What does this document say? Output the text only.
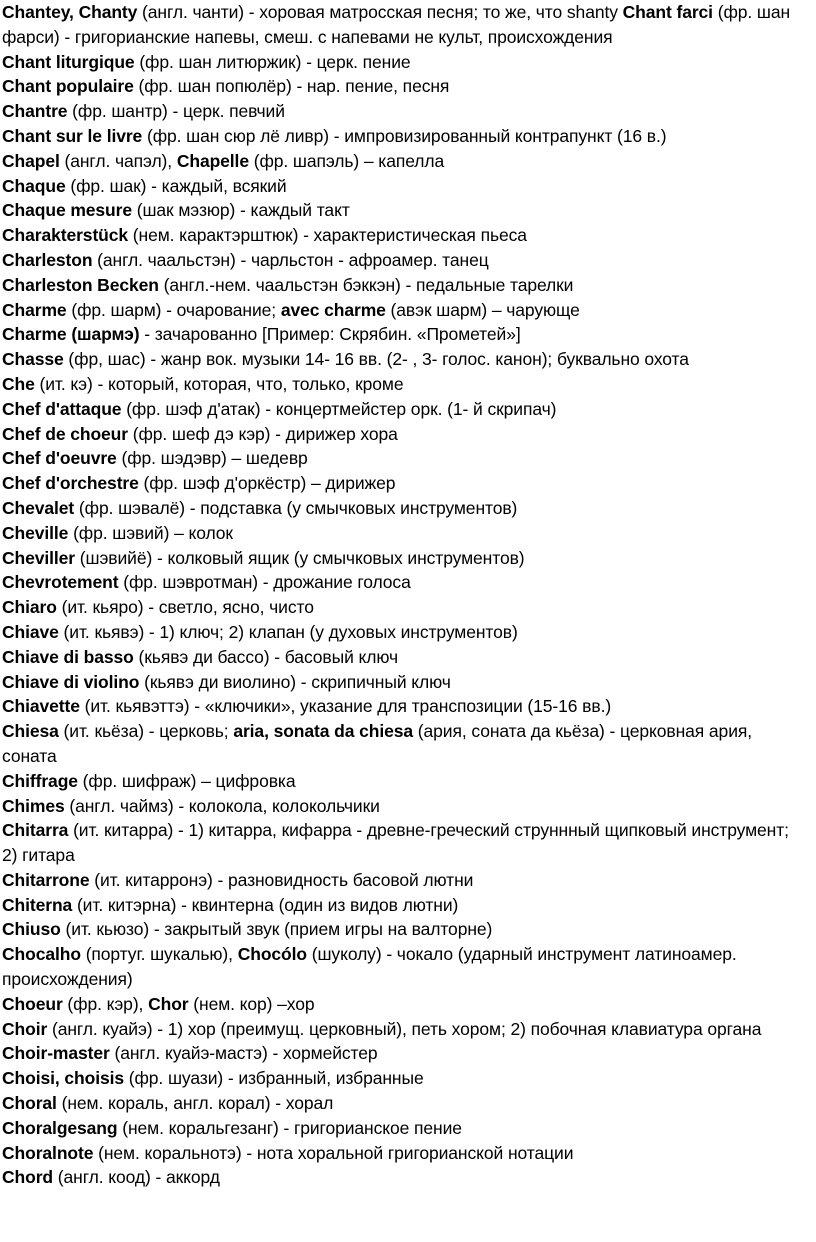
Chantey, Chanty (англ. чанти) - хоровая матросская песня; то же, что shanty Chant farci (фр. шан фарси) - григорианские напевы, смеш. с напевами не культ, происхождения

Chant liturgique (фр. шан литюржик) - церк. пение

Chant populaire (фр. шан попюлёр) - нар. пение, песня

Chantre (фр. шантр) - церк. певчий

Chant sur le livre (фр. шан сюр лё ливр) - импровизированный контрапункт (16 в.)

Chapel (англ. чапэл), Chapelle (фр. шапэль) – капелла

Chaque (фр. шак) - каждый, всякий

Chaque mesure (шак мэзюр) - каждый такт

Charakterstück (нем. карактэрштюк) - характеристическая пьеса

Charleston (англ. чаальстэн) - чарльстон - афроамер. танец

Charleston Becken (англ.-нем. чаальстэн бэккэн) - педальные тарелки

Charme (фр. шарм) - очарование; avec charme (авэк шарм) – чарующе

Charme (шармэ) - зачарованно [Пример: Скрябин. «Прометей»]

Chasse (фр, шас) - жанр вок. музыки 14- 16 вв. (2- , 3- голос. канон); буквально охота

Che (ит. кэ) - который, которая, что, только, кроме

Chef d'attaque (фр. шэф д'атак) - концертмейстер орк. (1- й скрипач)

Chef de choeur (фр. шеф дэ кэр) - дирижер хора

Chef d'oeuvre (фр. шэдэвр) – шедевр

Chef d'orchestre (фр. шэф д'оркёстр) – дирижер

Chevalet (фр. шэвалё) - подставка (у смычковых инструментов)

Cheville (фр. шэвий) – колок

Cheviller (шэвийё) - колковый ящик (у смычковых инструментов)

Chevrotement (фр. шэвротман) - дрожание голоса

Chiaro (ит. кьяро) - светло, ясно, чисто

Chiave (ит. кьявэ) - 1) ключ; 2) клапан (у духовых инструментов)

Chiave di basso (кьявэ ди бассо) - басовый ключ

Chiave di violino (кьявэ ди виолино) - скрипичный ключ

Chiavette (ит. кьявэттэ) - «ключики», указание для транспозиции (15-16 вв.)

Chiesa (ит. кьёза) - церковь; aria, sonata da chiesa (ария, соната да кьёза) - церковная ария, соната

Chiffrage (фр. шифраж) – цифровка

Chimes (англ. чаймз) - колокола, колокольчики

Chitarra (ит. китарра) - 1) китарра, кифарра - древне-греческий струннный щипковый инструмент; 2) гитара

Chitarrone (ит. китарронэ) - разновидность басовой лютни

Chiterna (ит. китэрна) - квинтерна (один из видов лютни)

Chiuso (ит. кьюзо) - закрытый звук (прием игры на валторне)

Chocalho (португ. шукалью), Chocólo (шуколу) - чокало (ударный инструмент латиноамер. происхождения)

Choeur (фр. кэр), Chor (нем. кор) –хор

Choir (англ. куайэ) - 1) хор (преимущ. церковный), петь хором; 2) побочная клавиатура органа

Choir-master (англ. куайэ-мастэ) - хормейстер

Choisi, choisis (фр. шуази) - избранный, избранные

Choral (нем. кораль, англ. корал) - хорал

Choralgesang (нем. коральгезанг) - григорианское пение

Choralnote (нем. коральнотэ) - нота хоральной григорианской нотации

Chord (англ. коод) - аккорд
